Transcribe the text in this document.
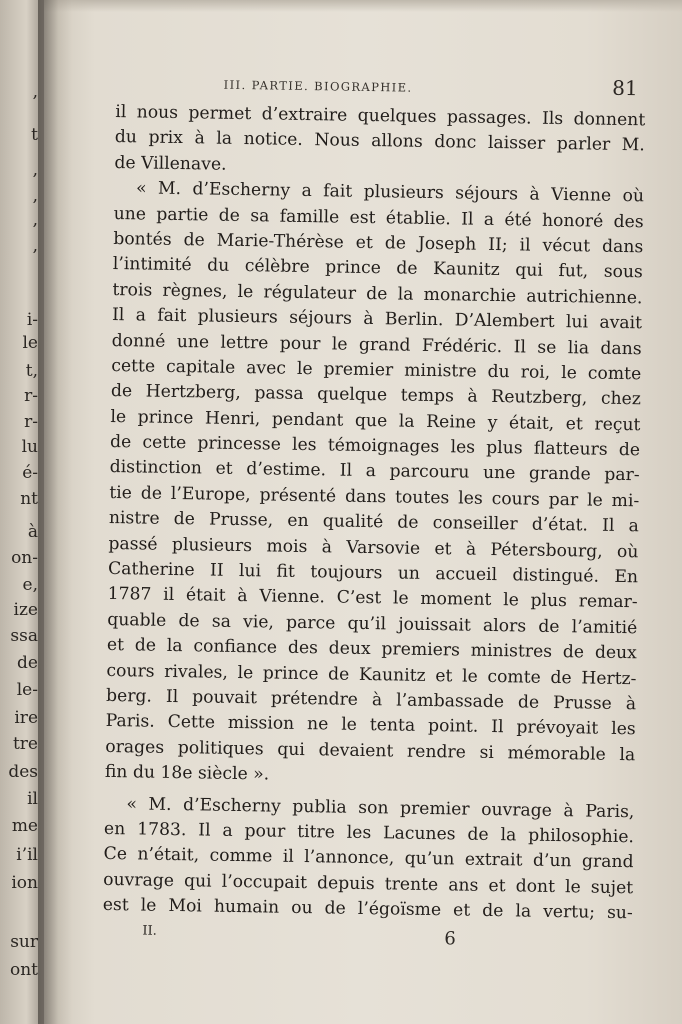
,
t
,
,
,
,
i-
le
t,
r-
r-
lu
é-
nt
à
on-
e,
ize
ssa
de
le-
ire
tre
des
il
me
i’il
ion
sur
ont
III. PARTIE. BIOGRAPHIE.	81
il nous permet d’extraire quelques passages. Ils donnent
du prix à la notice. Nous allons donc laisser parler M.
de Villenave.
« M. d’Escherny a fait plusieurs séjours à Vienne où
une partie de sa famille est établie. Il a été honoré des
bontés de Marie-Thérèse et de Joseph II; il vécut dans
l’intimité du célèbre prince de Kaunitz qui fut, sous
trois règnes, le régulateur de la monarchie autrichienne.
Il a fait plusieurs séjours à Berlin. D’Alembert lui avait
donné une lettre pour le grand Frédéric. Il se lia dans
cette capitale avec le premier ministre du roi, le comte
de Hertzberg, passa quelque temps à Reutzberg, chez
le prince Henri, pendant que la Reine y était, et reçut
de cette princesse les témoignages les plus flatteurs de
distinction et d’estime. Il a parcouru une grande par-
tie de l’Europe, présenté dans toutes les cours par le mi-
nistre de Prusse, en qualité de conseiller d’état. Il a
passé plusieurs mois à Varsovie et à Pétersbourg, où
Catherine II lui fit toujours un accueil distingué. En
1787 il était à Vienne. C’est le moment le plus remar-
quable de sa vie, parce qu’il jouissait alors de l’amitié
et de la confiance des deux premiers ministres de deux
cours rivales, le prince de Kaunitz et le comte de Hertz-
berg. Il pouvait prétendre à l’ambassade de Prusse à
Paris. Cette mission ne le tenta point. Il prévoyait les
orages politiques qui devaient rendre si mémorable la
fin du 18e siècle ».
« M. d’Escherny publia son premier ouvrage à Paris,
en 1783. Il a pour titre les Lacunes de la philosophie.
Ce n’était, comme il l’annonce, qu’un extrait d’un grand
ouvrage qui l’occupait depuis trente ans et dont le sujet
est le Moi humain ou de l’égoïsme et de la vertu; su-
II.	6
